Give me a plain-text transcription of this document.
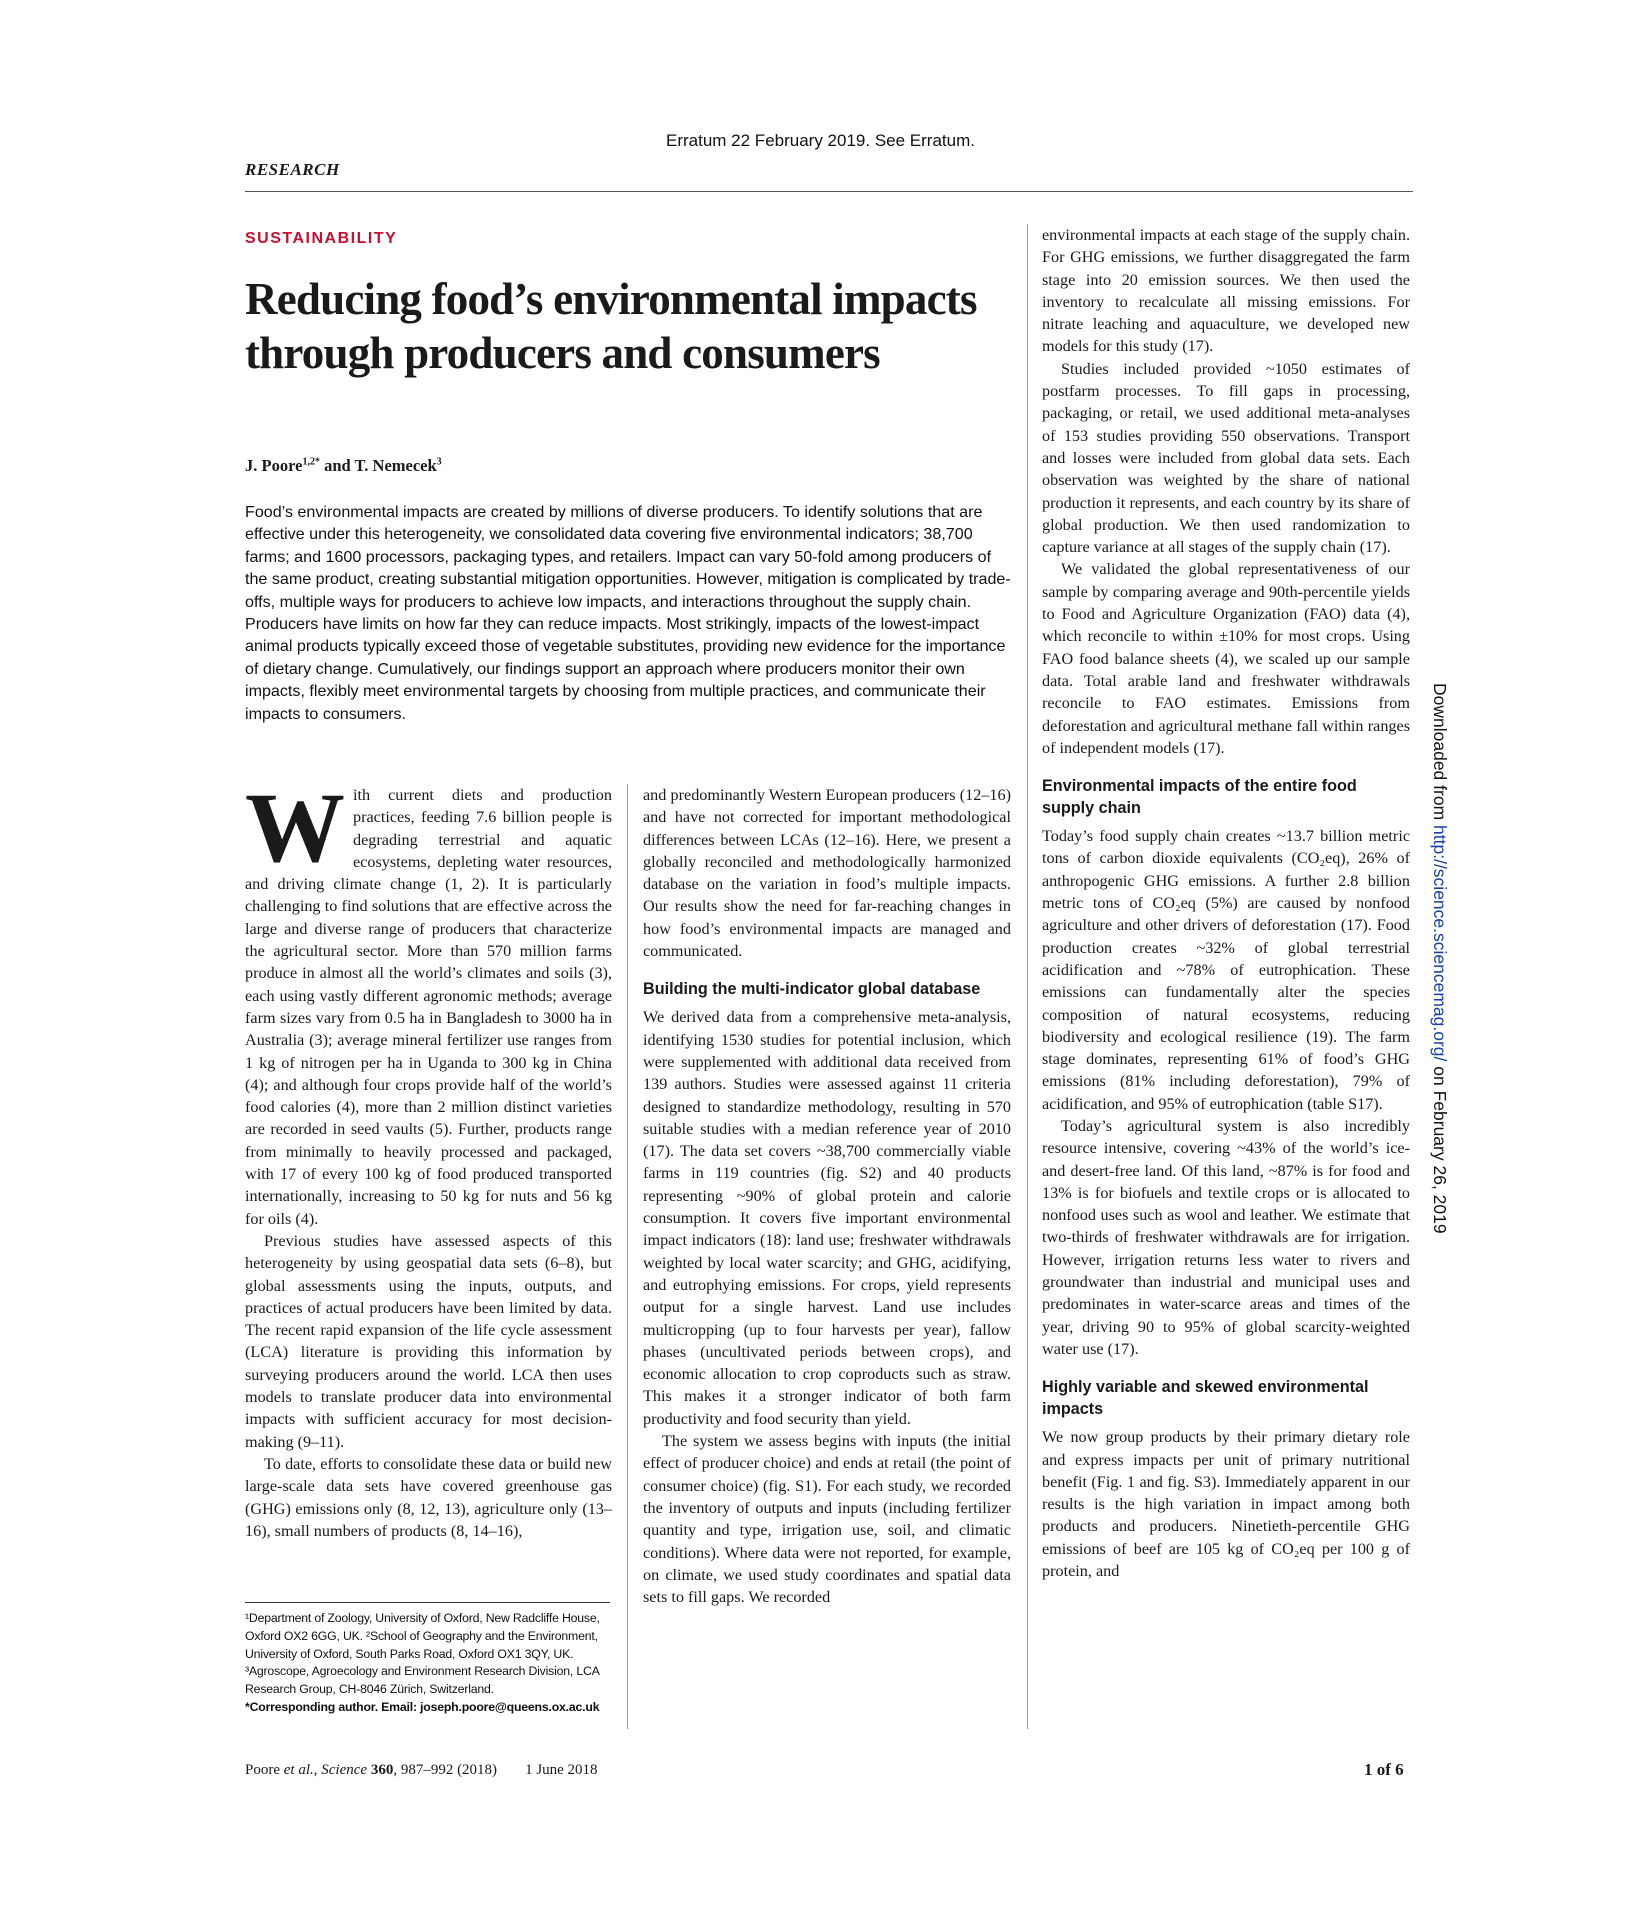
Erratum 22 February 2019. See Erratum.
RESEARCH
SUSTAINABILITY
Reducing food’s environmental impacts through producers and consumers
J. Poore$^{1,2*}$ and T. Nemecek$^3$

Food’s environmental impacts are created by millions of diverse producers. To identify solutions that are effective under this heterogeneity, we consolidated data covering five environmental indicators; 38,700 farms; and 1600 processors, packaging types, and retailers. Impact can vary 50-fold among producers of the same product, creating substantial mitigation opportunities. However, mitigation is complicated by trade-offs, multiple ways for producers to achieve low impacts, and interactions throughout the supply chain. Producers have limits on how far they can reduce impacts. Most strikingly, impacts of the lowest-impact animal products typically exceed those of vegetable substitutes, providing new evidence for the importance of dietary change. Cumulatively, our findings support an approach where producers monitor their own impacts, flexibly meet environmental targets by choosing from multiple practices, and communicate their impacts to consumers.

With current diets and production practices, feeding 7.6 billion people is degrading terrestrial and aquatic ecosystems, depleting water resources, and driving climate change (1, 2). It is particularly challenging to find solutions that are effective across the large and diverse range of producers that characterize the agricultural sector. More than 570 million farms produce in almost all the world’s climates and soils (3), each using vastly different agronomic methods; average farm sizes vary from 0.5 ha in Bangladesh to 3000 ha in Australia (3); average mineral fertilizer use ranges from 1 kg of nitrogen per ha in Uganda to 300 kg in China (4); and although four crops provide half of the world’s food calories (4), more than 2 million distinct varieties are recorded in seed vaults (5). Further, products range from minimally to heavily processed and packaged, with 17 of every 100 kg of food produced transported internationally, increasing to 50 kg for nuts and 56 kg for oils (4).

Previous studies have assessed aspects of this heterogeneity by using geospatial data sets (6–8), but global assessments using the inputs, outputs, and practices of actual producers have been limited by data. The recent rapid expansion of the life cycle assessment (LCA) literature is providing this information by surveying producers around the world. LCA then uses models to translate producer data into environmental impacts with sufficient accuracy for most decision-making (9–11).

To date, efforts to consolidate these data or build new large-scale data sets have covered greenhouse gas (GHG) emissions only (8, 12, 13), agriculture only (13–16), small numbers of products (8, 14–16),

and predominantly Western European producers (12–16) and have not corrected for important methodological differences between LCAs (12–16). Here, we present a globally reconciled and methodologically harmonized database on the variation in food’s multiple impacts. Our results show the need for far-reaching changes in how food’s environmental impacts are managed and communicated.

Building the multi-indicator global database

We derived data from a comprehensive meta-analysis, identifying 1530 studies for potential inclusion, which were supplemented with additional data received from 139 authors. Studies were assessed against 11 criteria designed to standardize methodology, resulting in 570 suitable studies with a median reference year of 2010 (17). The data set covers ~38,700 commercially viable farms in 119 countries (fig. S2) and 40 products representing ~90% of global protein and calorie consumption. It covers five important environmental impact indicators (18): land use; freshwater withdrawals weighted by local water scarcity; and GHG, acidifying, and eutrophying emissions. For crops, yield represents output for a single harvest. Land use includes multicropping (up to four harvests per year), fallow phases (uncultivated periods between crops), and economic allocation to crop coproducts such as straw. This makes it a stronger indicator of both farm productivity and food security than yield.

The system we assess begins with inputs (the initial effect of producer choice) and ends at retail (the point of consumer choice) (fig. S1). For each study, we recorded the inventory of outputs and inputs (including fertilizer quantity and type, irrigation use, soil, and climatic conditions). Where data were not reported, for example, on climate, we used study coordinates and spatial data sets to fill gaps. We recorded

environmental impacts at each stage of the supply chain. For GHG emissions, we further disaggregated the farm stage into 20 emission sources. We then used the inventory to recalculate all missing emissions. For nitrate leaching and aquaculture, we developed new models for this study (17).

Studies included provided ~1050 estimates of postfarm processes. To fill gaps in processing, packaging, or retail, we used additional meta-analyses of 153 studies providing 550 observations. Transport and losses were included from global data sets. Each observation was weighted by the share of national production it represents, and each country by its share of global production. We then used randomization to capture variance at all stages of the supply chain (17).

We validated the global representativeness of our sample by comparing average and 90th-percentile yields to Food and Agriculture Organization (FAO) data (4), which reconcile to within ±10% for most crops. Using FAO food balance sheets (4), we scaled up our sample data. Total arable land and freshwater withdrawals reconcile to FAO estimates. Emissions from deforestation and agricultural methane fall within ranges of independent models (17).

Environmental impacts of the entire food supply chain

Today’s food supply chain creates ~13.7 billion metric tons of carbon dioxide equivalents (CO₂eq), 26% of anthropogenic GHG emissions. A further 2.8 billion metric tons of CO₂eq (5%) are caused by nonfood agriculture and other drivers of deforestation (17). Food production creates ~32% of global terrestrial acidification and ~78% of eutrophication. These emissions can fundamentally alter the species composition of natural ecosystems, reducing biodiversity and ecological resilience (19). The farm stage dominates, representing 61% of food’s GHG emissions (81% including deforestation), 79% of acidification, and 95% of eutrophication (table S17).

Today’s agricultural system is also incredibly resource intensive, covering ~43% of the world’s ice- and desert-free land. Of this land, ~87% is for food and 13% is for biofuels and textile crops or is allocated to nonfood uses such as wool and leather. We estimate that two-thirds of freshwater withdrawals are for irrigation. However, irrigation returns less water to rivers and groundwater than industrial and municipal uses and predominates in water-scarce areas and times of the year, driving 90 to 95% of global scarcity-weighted water use (17).

Highly variable and skewed environmental impacts

We now group products by their primary dietary role and express impacts per unit of primary nutritional benefit (Fig. 1 and fig. S3). Immediately apparent in our results is the high variation in impact among both products and producers. Ninetieth-percentile GHG emissions of beef are 105 kg of CO₂eq per 100 g of protein, and

¹Department of Zoology, University of Oxford, New Radcliffe House, Oxford OX2 6GG, UK. ²School of Geography and the Environment, University of Oxford, South Parks Road, Oxford OX1 3QY, UK. ³Agroscope, Agroecology and Environment Research Division, LCA Research Group, CH-8046 Zürich, Switzerland.
*Corresponding author. Email: joseph.poore@queens.ox.ac.uk
Poore et al., Science 360, 987–992 (2018) 1 June 2018	1 of 6
Downloaded from http://science.sciencemag.org/ on February 26, 2019
